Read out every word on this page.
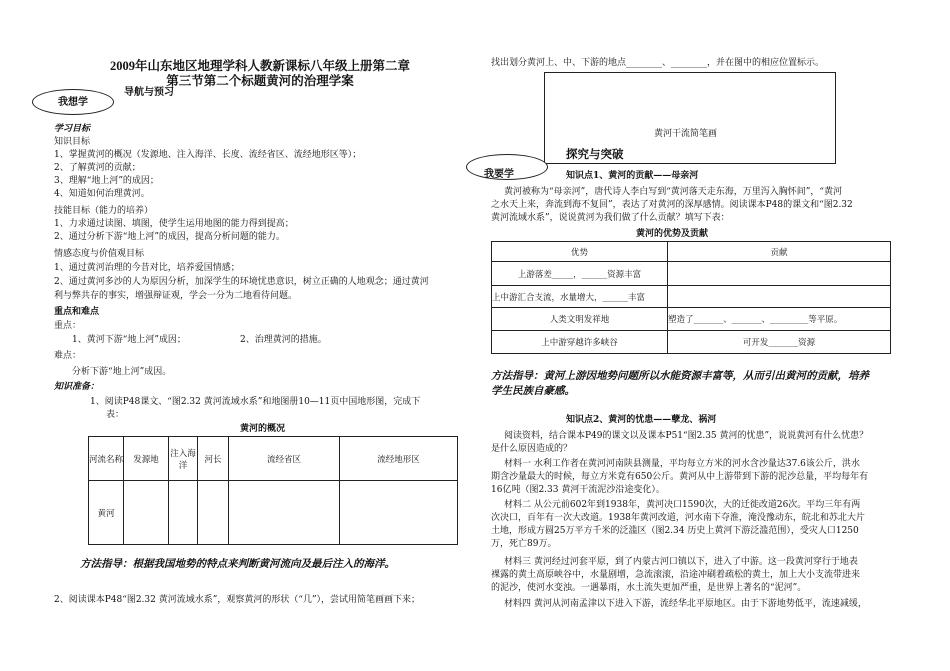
2009年山东地区地理学科人教新课标八年级上册第二章
第三节第二个标题黄河的治理学案
我想学
导航与预习
学习目标
知识目标
1、掌握黄河的概况（发源地、注入海洋、长度、流经省区、流经地形区等）；
2、了解黄河的贡献；
3、理解“地上河”的成因；
4、知道如何治理黄河。
技能目标（能力的培养）
1、力求通过读图、填图，使学生运用地图的能力得到提高；
2、通过分析下游“地上河”的成因，提高分析问题的能力。
情感态度与价值观目标
1、通过黄河治理的今昔对比，培养爱国情感；
2、通过黄河多沙的人为原因分析，加深学生的环境忧患意识，树立正确的人地观念；通过黄河
利与弊共存的事实，增强辩证观，学会一分为二地看待问题。
重点和难点
重点：
1、黄河下游“地上河”成因；	2、治理黄河的措施。
难点：
分析下游“地上河”成因。
知识准备：
1、阅读P48课文、“图2.32 黄河流域水系”和地图册10—11页中国地形图，完成下
表：
黄河的概况
河流名称	发源地	注入海洋	河长	流经省区	流经地形区
黄河					
方法指导：根据我国地势的特点来判断黄河流向及最后注入的海洋。
2、阅读课本P48“图2.32 黄河流域水系”，观察黄河的形状（“几”），尝试用简笔画画下来；
找出划分黄河上、中、下游的地点________、________，并在图中的相应位置标示。
黄河干流简笔画
我要学
探究与突破
知识点1、黄河的贡献——母亲河
黄河被称为“母亲河”，唐代诗人李白写到“黄河落天走东海，万里泻入胸怀间”，“黄河
之水天上来，奔流到海不复回”，表达了对黄河的深厚感情。阅读课本P48的课文和“图2.32
黄河流域水系”，说说黄河为我们做了什么贡献？填写下表：
黄河的优势及贡献
优势	贡献
上游落差_____，______资源丰富	
上中游汇合支流，水量增大，______丰富	
人类文明发祥地	塑造了_______、_______、_________等平原。
上中游穿越许多峡谷	可开发_______资源
方法指导：黄河上游因地势问题所以水能资源丰富等，从而引出黄河的贡献，培养
学生民族自豪感。
知识点2、黄河的忧患——孽龙、祸河
阅读资料，结合课本P49的课文以及课本P51“图2.35 黄河的忧患”，说说黄河有什么忧患？
是什么原因造成的？
材料一 水利工作者在黄河河南陕县测量，平均每立方米的河水含沙量达37.6该公斤，洪水
期含沙量最大的时候，每立方米竟有650公斤。黄河从中上游带到下游的泥沙总量，平均每年有
16亿吨（图2.33 黄河干流泥沙沿途变化）。
材料二 从公元前602年到1938年，黄河决口1590次，大的迁徙改道26次。平均三年有两
次决口，百年有一次大改道。1938年黄河改道，河水南下夺淮，淹没豫动东，皖北和苏北大片
土地，形成方圆25万平方千米的泛滥区（图2.34 历史上黄河下游泛滥范围），受灾人口1250
万，死亡89万。
材料三 黄河经过河套平原，到了内蒙古河口镇以下，进入了中游。这一段黄河穿行于地表
裸露的黄土高原峡谷中，水量剧增，急流滚滚，沿途冲刷着疏松的黄土，加上大小支流带进来
的泥沙，使河水变浊。一遇暴雨，水土流失更加严重，是世界上著名的“泥河”。
材料四 黄河从河南孟津以下进入下游，流经华北平原地区。由于下游地势低平，流速减缓，
